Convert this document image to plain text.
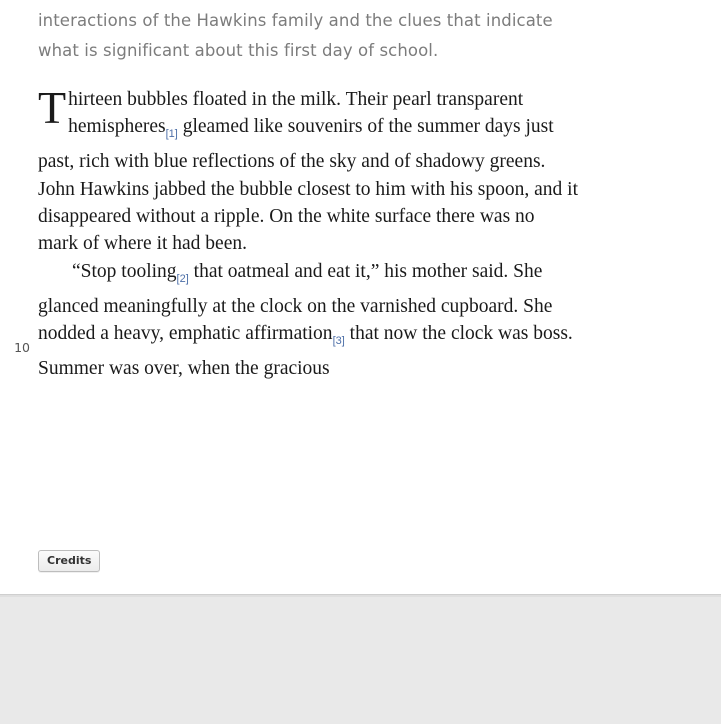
interactions of the Hawkins family and the clues that indicate
what is significant about this first day of school.

Thirteen bubbles floated in the milk. Their pearl transparent hemispheres$_{[1]}$ gleamed like souvenirs of the summer days just past, rich with blue reflections of the sky and of shadowy greens. John Hawkins jabbed the bubble closest to him with his spoon, and it disappeared without a ripple. On the white surface there was no mark of where it had been.

“Stop tooling$_{[2]}$ that oatmeal and eat it,” his mother said. She glanced meaningfully at the clock on the varnished cupboard. She nodded a heavy, emphatic affirmation$_{[3]}$ that now the clock was boss. Summer was over, when the gracious

10
Credits
